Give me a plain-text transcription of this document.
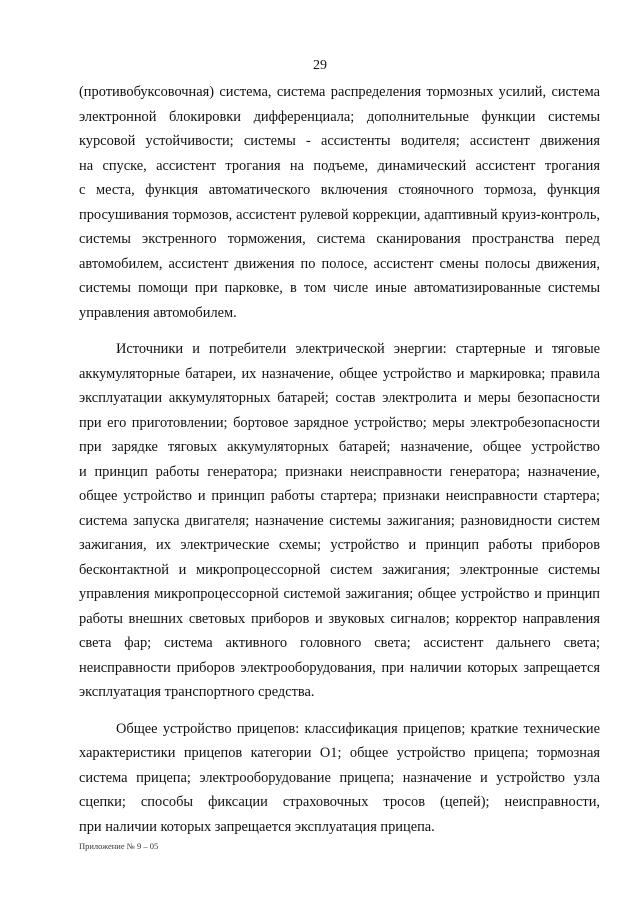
29
(противобуксовочная) система, система распределения тормозных усилий, система
электронной блокировки дифференциала; дополнительные функции системы
курсовой устойчивости; системы - ассистенты водителя; ассистент движения
на спуске, ассистент трогания на подъеме, динамический ассистент трогания
с места, функция автоматического включения стояночного тормоза, функция
просушивания тормозов, ассистент рулевой коррекции, адаптивный круиз-контроль,
системы экстренного торможения, система сканирования пространства перед
автомобилем, ассистент движения по полосе, ассистент смены полосы движения,
системы помощи при парковке, в том числе иные автоматизированные системы
управления автомобилем.
Источники и потребители электрической энергии: стартерные и тяговые
аккумуляторные батареи, их назначение, общее устройство и маркировка; правила
эксплуатации аккумуляторных батарей; состав электролита и меры безопасности
при его приготовлении; бортовое зарядное устройство; меры электробезопасности
при зарядке тяговых аккумуляторных батарей; назначение, общее устройство
и принцип работы генератора; признаки неисправности генератора; назначение,
общее устройство и принцип работы стартера; признаки неисправности стартера;
система запуска двигателя; назначение системы зажигания; разновидности систем
зажигания, их электрические схемы; устройство и принцип работы приборов
бесконтактной и микропроцессорной систем зажигания; электронные системы
управления микропроцессорной системой зажигания; общее устройство и принцип
работы внешних световых приборов и звуковых сигналов; корректор направления
света фар; система активного головного света; ассистент дальнего света;
неисправности приборов электрооборудования, при наличии которых запрещается
эксплуатация транспортного средства.
Общее устройство прицепов: классификация прицепов; краткие технические
характеристики прицепов категории О1; общее устройство прицепа; тормозная
система прицепа; электрооборудование прицепа; назначение и устройство узла
сцепки; способы фиксации страховочных тросов (цепей); неисправности,
при наличии которых запрещается эксплуатация прицепа.
Приложение № 9 – 05
